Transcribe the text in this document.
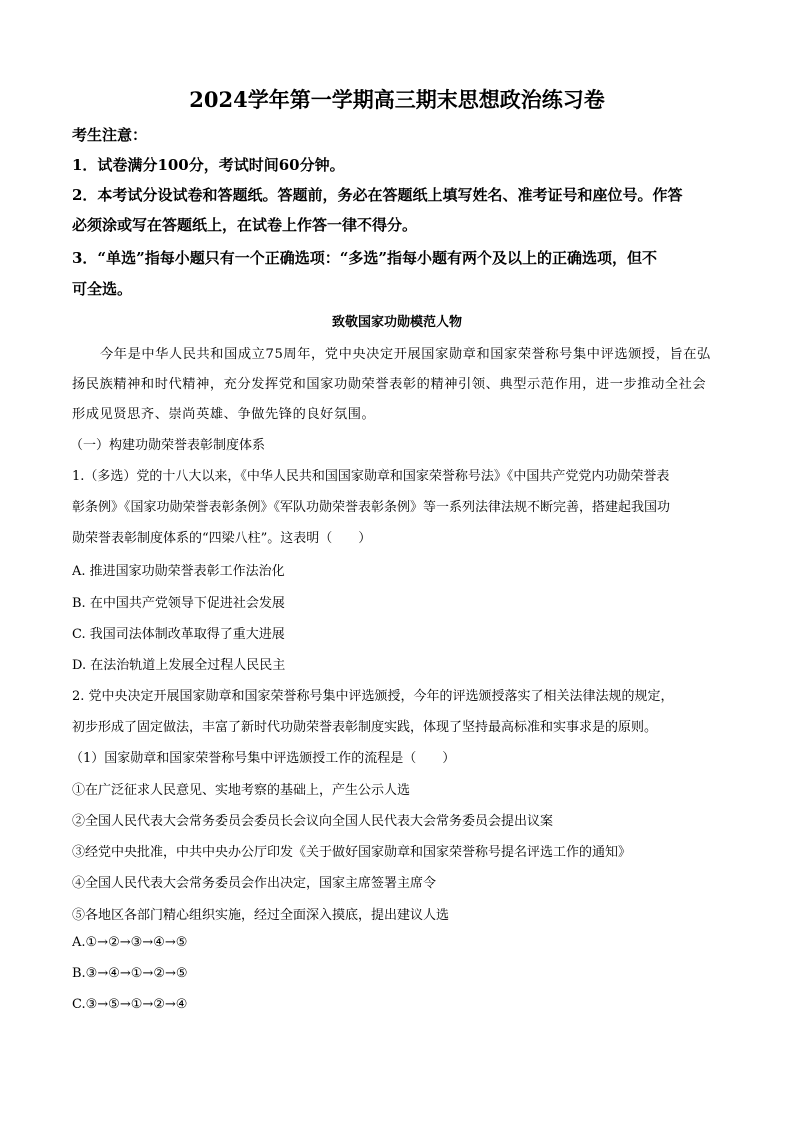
2024学年第一学期高三期末思想政治练习卷
考生注意：
1．试卷满分100分，考试时间60分钟。
2．本考试分设试卷和答题纸。答题前，务必在答题纸上填写姓名、准考证号和座位号。作答
必须涂或写在答题纸上，在试卷上作答一律不得分。
3．“单选”指每小题只有一个正确选项：“多选”指每小题有两个及以上的正确选项，但不
可全选。
致敬国家功勋模范人物
今年是中华人民共和国成立75周年，党中央决定开展国家勋章和国家荣誉称号集中评选颁授，旨在弘
扬民族精神和时代精神，充分发挥党和国家功勋荣誉表彰的精神引领、典型示范作用，进一步推动全社会
形成见贤思齐、崇尚英雄、争做先锋的良好氛围。
（一）构建功勋荣誉表彰制度体系
1.（多选）党的十八大以来，《中华人民共和国国家勋章和国家荣誉称号法》《中国共产党党内功勋荣誉表
彰条例》《国家功勋荣誉表彰条例》《军队功勋荣誉表彰条例》等一系列法律法规不断完善，搭建起我国功
勋荣誉表彰制度体系的“四梁八柱”。这表明（　　）
A. 推进国家功勋荣誉表彰工作法治化
B. 在中国共产党领导下促进社会发展
C. 我国司法体制改革取得了重大进展
D. 在法治轨道上发展全过程人民民主
2. 党中央决定开展国家勋章和国家荣誉称号集中评选颁授，今年的评选颁授落实了相关法律法规的规定，
初步形成了固定做法，丰富了新时代功勋荣誉表彰制度实践，体现了坚持最高标准和实事求是的原则。
（1）国家勋章和国家荣誉称号集中评选颁授工作的流程是（　　）
①在广泛征求人民意见、实地考察的基础上，产生公示人选
②全国人民代表大会常务委员会委员长会议向全国人民代表大会常务委员会提出议案
③经党中央批准，中共中央办公厅印发《关于做好国家勋章和国家荣誉称号提名评选工作的通知》
④全国人民代表大会常务委员会作出决定，国家主席签署主席令
⑤各地区各部门精心组织实施，经过全面深入摸底，提出建议人选
A.①→②→③→④→⑤
B.③→④→①→②→⑤
C.③→⑤→①→②→④
